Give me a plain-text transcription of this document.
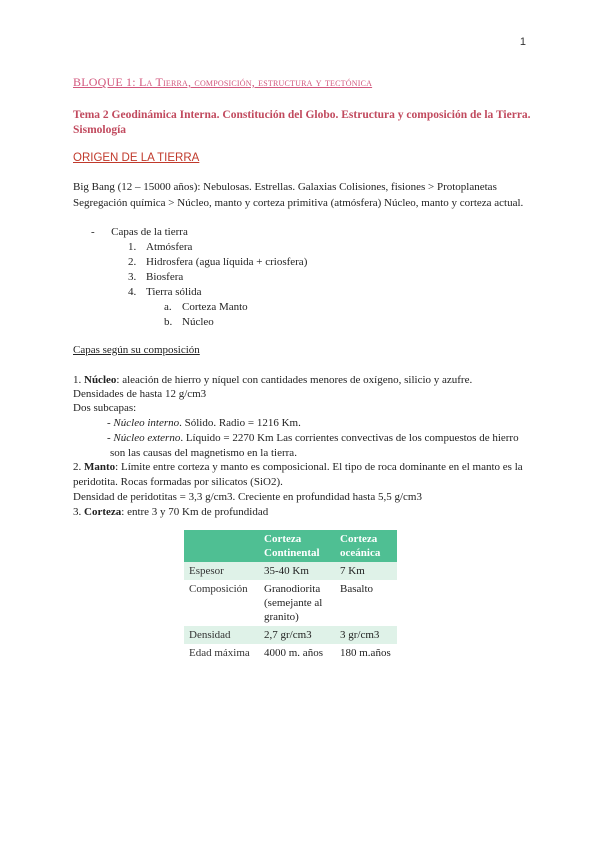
1
BLOQUE 1: La Tierra, composición, estructura y tectónica
Tema 2 Geodinámica Interna. Constitución del Globo. Estructura y composición de la Tierra. Sismología
ORIGEN DE LA TIERRA
Big Bang (12 – 15000 años): Nebulosas. Estrellas. Galaxias Colisiones, fisiones > Protoplanetas
Segregación química > Núcleo, manto y corteza primitiva (atmósfera) Núcleo, manto y corteza actual.
-      Capas de la tierra
1. Atmósfera
2. Hidrosfera (agua líquida + criosfera)
3. Biosfera
4. Tierra sólida
a. Corteza Manto
b. Núcleo
Capas según su composición
1. Núcleo: aleación de hierro y níquel con cantidades menores de oxígeno, silicio y azufre.
Densidades de hasta 12 g/cm3
Dos subcapas:
- Núcleo interno. Sólido. Radio = 1216 Km.
- Núcleo externo. Líquido = 2270 Km Las corrientes convectivas de los compuestos de hierro
son las causas del magnetismo en la tierra.
2. Manto: Límite entre corteza y manto es composicional. El tipo de roca dominante en el manto es la
peridotita. Rocas formadas por silicatos (SiO2).
Densidad de peridotitas = 3,3 g/cm3. Creciente en profundidad hasta 5,5 g/cm3
3. Corteza: entre 3 y 70 Km de profundidad
	Corteza Continental	Corteza oceánica
Espesor	35-40 Km	7 Km
Composición	Granodiorita (semejante al granito)	Basalto
Densidad	2,7 gr/cm3	3 gr/cm3
Edad máxima	4000 m. años	180 m.años
